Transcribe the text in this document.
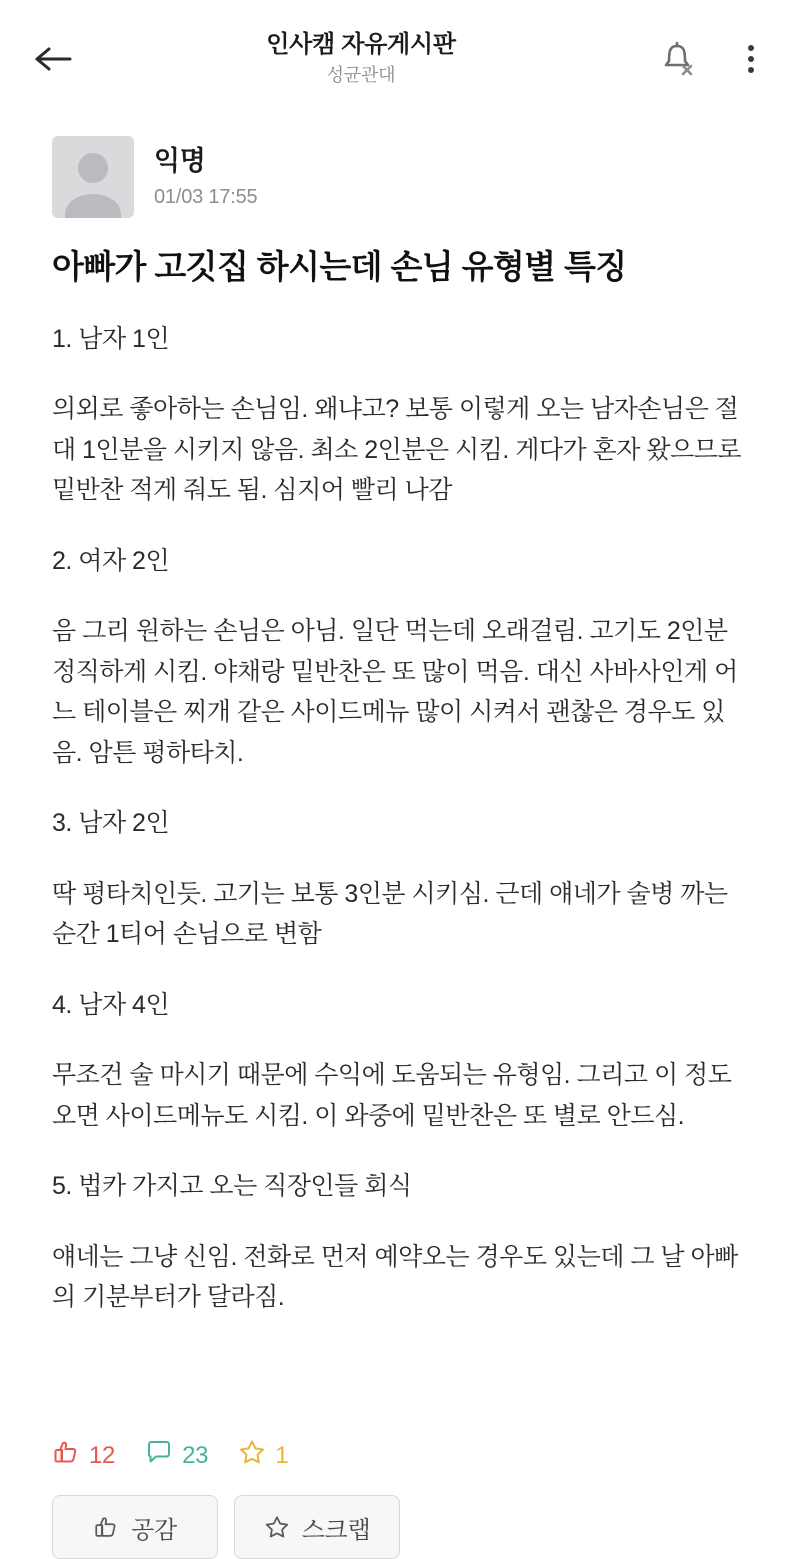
인사캠 자유게시판
성균관대
익명
01/03 17:55
아빠가 고깃집 하시는데 손님 유형별 특징

1. 남자 1인

의외로 좋아하는 손님임. 왜냐고? 보통 이렇게 오는 남자손님은 절대 1인분을 시키지 않음. 최소 2인분은 시킴. 게다가 혼자 왔으므로 밑반찬 적게 줘도 됨. 심지어 빨리 나감

2. 여자 2인

음 그리 원하는 손님은 아님. 일단 먹는데 오래걸림. 고기도 2인분 정직하게 시킴. 야채랑 밑반찬은 또 많이 먹음. 대신 사바사인게 어느 테이블은 찌개 같은 사이드메뉴 많이 시켜서 괜찮은 경우도 있음. 암튼 평하타치.

3. 남자 2인

딱 평타치인듯. 고기는 보통 3인분 시키심. 근데 얘네가 술병 까는 순간 1티어 손님으로 변함

4. 남자 4인

무조건 술 마시기 때문에 수익에 도움되는 유형임. 그리고 이 정도 오면 사이드메뉴도 시킴. 이 와중에 밑반찬은 또 별로 안드심.

5. 법카 가지고 오는 직장인들 회식

얘네는 그냥 신임. 전화로 먼저 예약오는 경우도 있는데 그 날 아빠의 기분부터가 달라짐.

12	23	1
공감	스크랩
